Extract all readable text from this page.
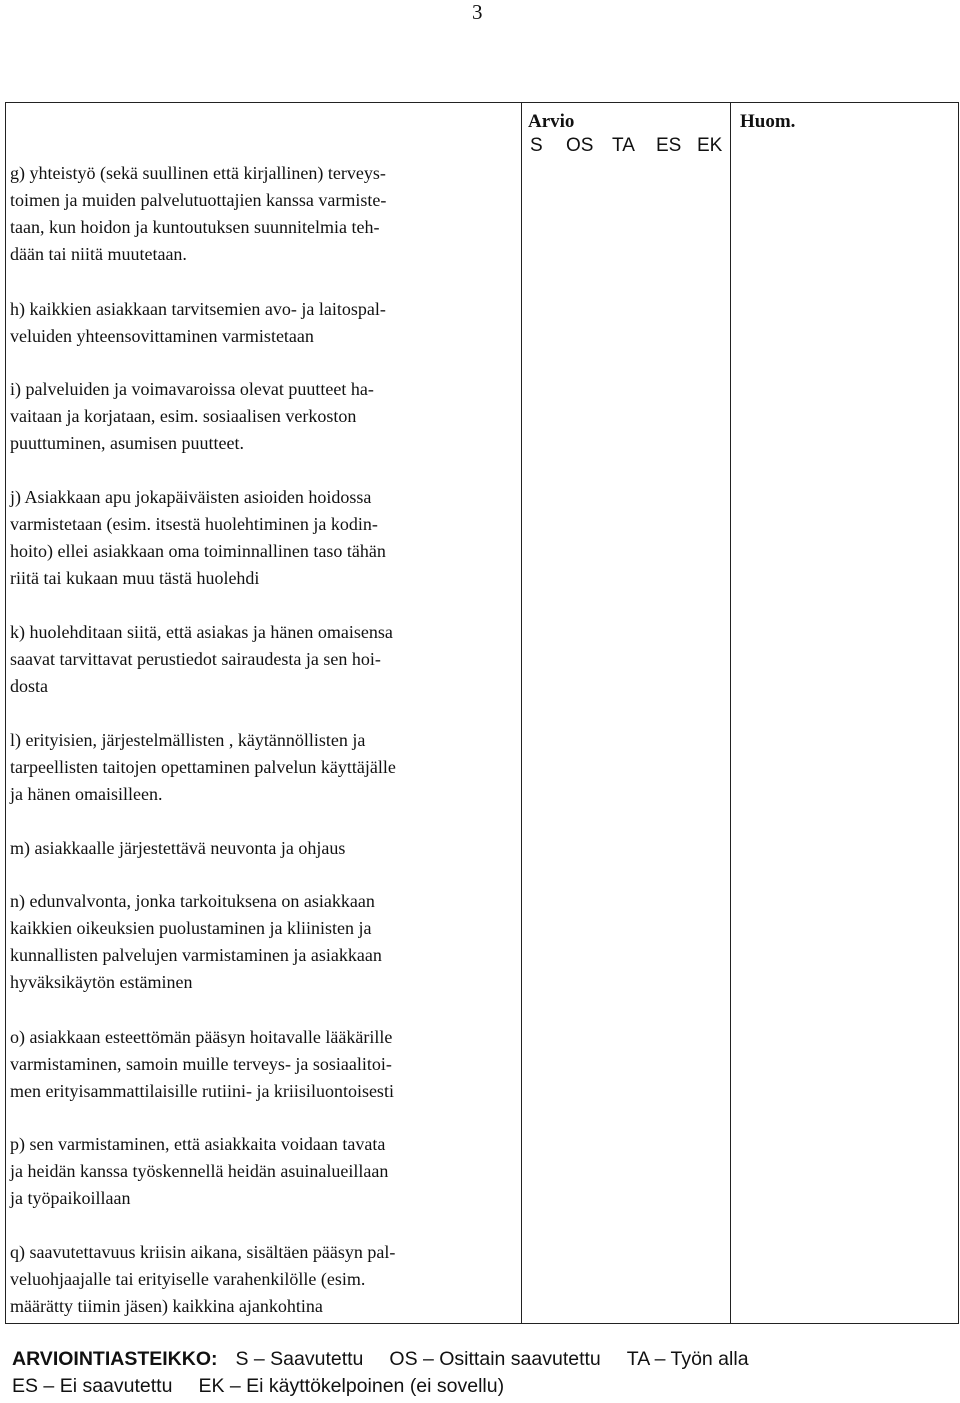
3
Arvio	Huom.
S OS TA ES EK
g) yhteistyö (sekä suullinen että kirjallinen) terveys-
toimen ja muiden palvelutuottajien kanssa varmiste-
taan, kun hoidon ja kuntoutuksen suunnitelmia teh-
dään tai niitä muutetaan.
h) kaikkien asiakkaan tarvitsemien avo- ja laitospal-
veluiden yhteensovittaminen varmistetaan
i) palveluiden ja voimavaroissa olevat puutteet ha-
vaitaan ja korjataan, esim. sosiaalisen verkoston
puuttuminen, asumisen puutteet.
j) Asiakkaan apu jokapäiväisten asioiden hoidossa
varmistetaan (esim. itsestä huolehtiminen ja kodin-
hoito) ellei asiakkaan oma toiminnallinen taso tähän
riitä tai kukaan muu tästä huolehdi
k) huolehditaan siitä, että asiakas ja hänen omaisensa
saavat tarvittavat perustiedot sairaudesta ja sen hoi-
dosta
l) erityisien, järjestelmällisten , käytännöllisten ja
tarpeellisten taitojen opettaminen palvelun käyttäjälle
ja hänen omaisilleen.
m) asiakkaalle järjestettävä neuvonta ja ohjaus
n) edunvalvonta, jonka tarkoituksena on asiakkaan
kaikkien oikeuksien puolustaminen ja kliinisten ja
kunnallisten palvelujen varmistaminen ja asiakkaan
hyväksikäytön estäminen
o) asiakkaan esteettömän pääsyn hoitavalle lääkärille
varmistaminen, samoin muille terveys- ja sosiaalitoi-
men erityisammattilaisille rutiini- ja kriisiluontoisesti
p) sen varmistaminen, että asiakkaita voidaan tavata
ja heidän kanssa työskennellä heidän asuinalueillaan
ja työpaikoillaan
q) saavutettavuus kriisin aikana, sisältäen pääsyn pal-
veluohjaajalle tai erityiselle varahenkilölle (esim.
määrätty tiimin jäsen) kaikkina ajankohtina
ARVIOINTIASTEIKKO: S – Saavutettu OS – Osittain saavutettu TA – Työn alla
ES – Ei saavutettu EK – Ei käyttökelpoinen (ei sovellu)
